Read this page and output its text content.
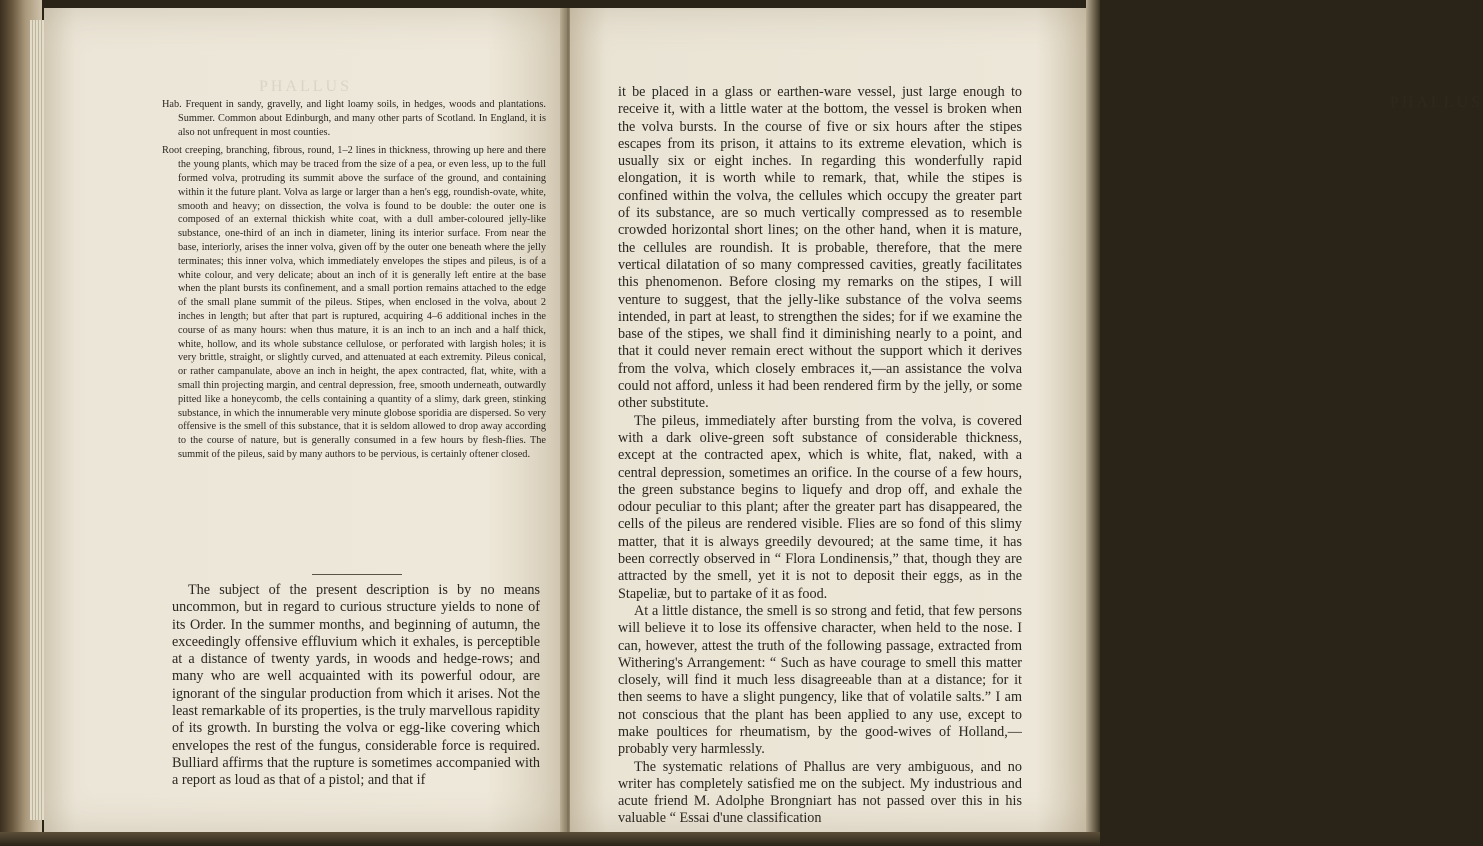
PHALLUS

Hab. Frequent in sandy, gravelly, and light loamy soils, in hedges, woods and plantations. Summer. Common about Edinburgh, and many other parts of Scotland. In England, it is also not unfrequent in most counties.

Root creeping, branching, fibrous, round, 1–2 lines in thickness, throwing up here and there the young plants, which may be traced from the size of a pea, or even less, up to the full formed volva, protruding its summit above the surface of the ground, and containing within it the future plant. Volva as large or larger than a hen's egg, roundish-ovate, white, smooth and heavy; on dissection, the volva is found to be double: the outer one is composed of an external thickish white coat, with a dull amber-coloured jelly-like substance, one-third of an inch in diameter, lining its interior surface. From near the base, interiorly, arises the inner volva, given off by the outer one beneath where the jelly terminates; this inner volva, which immediately envelopes the stipes and pileus, is of a white colour, and very delicate; about an inch of it is generally left entire at the base when the plant bursts its confinement, and a small portion remains attached to the edge of the small plane summit of the pileus. Stipes, when enclosed in the volva, about 2 inches in length; but after that part is ruptured, acquiring 4–6 additional inches in the course of as many hours: when thus mature, it is an inch to an inch and a half thick, white, hollow, and its whole substance cellulose, or perforated with largish holes; it is very brittle, straight, or slightly curved, and attenuated at each extremity. Pileus conical, or rather campanulate, above an inch in height, the apex contracted, flat, white, with a small thin projecting margin, and central depression, free, smooth underneath, outwardly pitted like a honeycomb, the cells containing a quantity of a slimy, dark green, stinking substance, in which the innumerable very minute globose sporidia are dispersed. So very offensive is the smell of this substance, that it is seldom allowed to drop away according to the course of nature, but is generally consumed in a few hours by flesh-flies. The summit of the pileus, said by many authors to be pervious, is certainly oftener closed.

The subject of the present description is by no means uncommon, but in regard to curious structure yields to none of its Order. In the summer months, and beginning of autumn, the exceedingly offensive effluvium which it exhales, is perceptible at a distance of twenty yards, in woods and hedge-rows; and many who are well acquainted with its powerful odour, are ignorant of the singular production from which it arises. Not the least remarkable of its properties, is the truly marvellous rapidity of its growth. In bursting the volva or egg-like covering which envelopes the rest of the fungus, considerable force is required. Bulliard affirms that the rupture is sometimes accompanied with a report as loud as that of a pistol; and that if

PHALLUS

it be placed in a glass or earthen-ware vessel, just large enough to receive it, with a little water at the bottom, the vessel is broken when the volva bursts. In the course of five or six hours after the stipes escapes from its prison, it attains to its extreme elevation, which is usually six or eight inches. In regarding this wonderfully rapid elongation, it is worth while to remark, that, while the stipes is confined within the volva, the cellules which occupy the greater part of its substance, are so much vertically compressed as to resemble crowded horizontal short lines; on the other hand, when it is mature, the cellules are roundish. It is probable, therefore, that the mere vertical dilatation of so many compressed cavities, greatly facilitates this phenomenon. Before closing my remarks on the stipes, I will venture to suggest, that the jelly-like substance of the volva seems intended, in part at least, to strengthen the sides; for if we examine the base of the stipes, we shall find it diminishing nearly to a point, and that it could never remain erect without the support which it derives from the volva, which closely embraces it,—an assistance the volva could not afford, unless it had been rendered firm by the jelly, or some other substitute.

The pileus, immediately after bursting from the volva, is covered with a dark olive-green soft substance of considerable thickness, except at the contracted apex, which is white, flat, naked, with a central depression, sometimes an orifice. In the course of a few hours, the green substance begins to liquefy and drop off, and exhale the odour peculiar to this plant; after the greater part has disappeared, the cells of the pileus are rendered visible. Flies are so fond of this slimy matter, that it is always greedily devoured; at the same time, it has been correctly observed in “ Flora Londinensis,” that, though they are attracted by the smell, yet it is not to deposit their eggs, as in the Stapeliæ, but to partake of it as food.

At a little distance, the smell is so strong and fetid, that few persons will believe it to lose its offensive character, when held to the nose. I can, however, attest the truth of the following passage, extracted from Withering's Arrangement: “ Such as have courage to smell this matter closely, will find it much less disagreeable than at a distance; for it then seems to have a slight pungency, like that of volatile salts.” I am not conscious that the plant has been applied to any use, except to make poultices for rheumatism, by the good-wives of Holland,—probably very harmlessly.

The systematic relations of Phallus are very ambiguous, and no writer has completely satisfied me on the subject. My industrious and acute friend M. Adolphe Brongniart has not passed over this in his valuable “ Essai d'une classification
